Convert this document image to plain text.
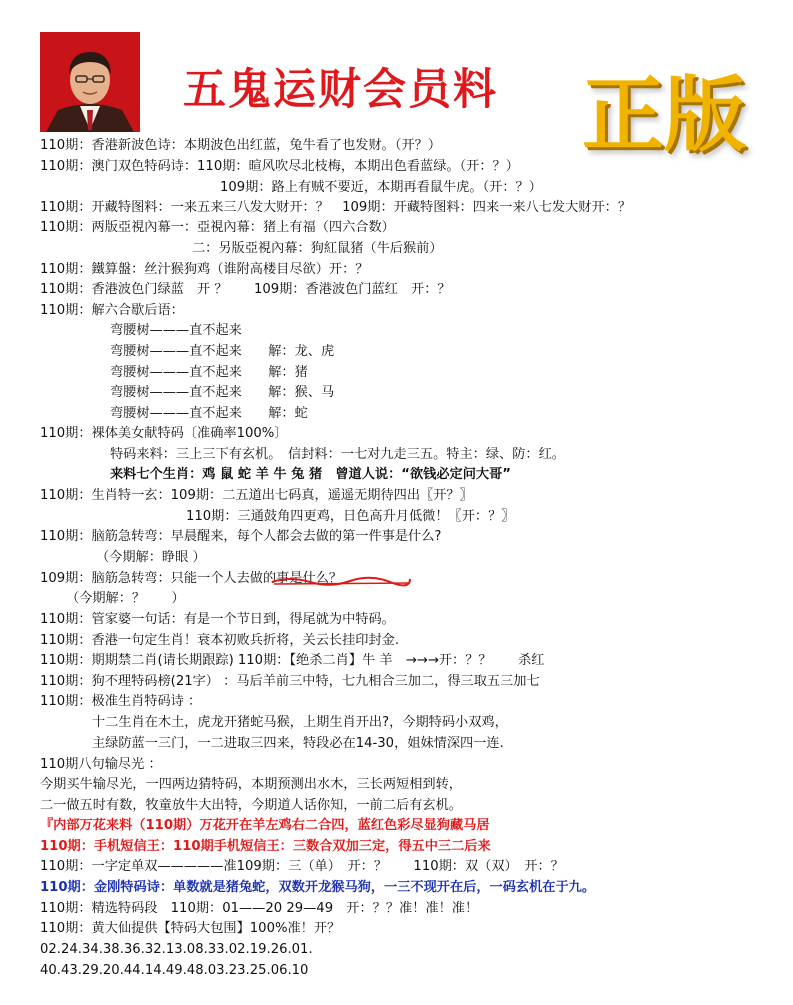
五鬼运财会员料 正版
110期：香港新波色诗：本期波色出红蓝，兔牛看了也发财。（开？）
110期：澳门双色特码诗：110期：暄风吹尽北枝梅，本期出色看蓝绿。（开：？）
109期：路上有贼不要近，本期再看鼠牛虎。（开：？）
110期：开藏特图料：一来五来三八发大财开：？　109期：开藏特图料：四来一来八七发大财开：？
110期：两版亞視內幕一：亞視內幕：猪上有福（四六合数）
二：另版亞視內幕：狗紅鼠猪（牛后猴前）
110期：鐵算盤：丝汁猴狗鸡（谁附高楼目尽欲）开：？
110期：香港波色门绿蓝　开 ？　　109期：香港波色门蓝红　开：？
110期：解六合歇后语：
弯腰树———直不起来
弯腰树———直不起来　　解：龙、虎
弯腰树———直不起来　　解：猪
弯腰树———直不起来　　解：猴、马
弯腰树———直不起来　　解：蛇
110期：裸体美女献特码〔准确率100%〕
特码来料：三上三下有玄机。　信封料：一七对九走三五。特主：绿、防：红。
来料七个生肖：鸡 鼠 蛇 羊 牛 兔 猪　曾道人说：“欲钱必定问大哥”
110期：生肖特一玄：109期：二五道出七码真，遥遥无期待四出〖开？〗
110期：三通鼓角四更鸡，日色高升月低微！〖开：？〗
110期：脑筋急转弯：早晨醒来，每个人都会去做的第一件事是什么?
（今期解：睁眼 ）
109期：脑筋急转弯：只能一个人去做的事是什么？
（今期解：？　　）
110期：管家婆一句话：有是一个节日到，得尾就为中特码。
110期：香港一句定生肖！衰本初败兵折将，关云长挂印封金.
110期：期期禁二肖(请长期跟踪) 110期：【绝杀二肖】牛 羊　→→→开：？？　　杀红
110期：狗不理特码榜(21字） ：马后羊前三中特，七九相合三加二，得三取五三加七
110期：极准生肖特码诗 ：
十二生肖在木土，虎龙开猪蛇马猴，上期生肖开出?，今期特码小双鸡，
主绿防蓝一三门，一二进取三四来，特段必在14-30，姐妹情深四一连.
110期八句输尽光 ：
今期买牛输尽光，一四两边猜特码，本期预测出水木，三长两短相到转，
二一做五时有数，牧童放牛大出特，今期道人话你知，一前二后有玄机。
『内部万花来料（110期）万花开在羊左鸡右二合四，蓝红色彩尽显狗藏马居
110期：手机短信王：110期手机短信王：三数合双加三定，得五中三二后来
110期：一字定单双—————准109期：三（单）　开：？　　110期：双（双）　开：？
110期：金刚特码诗：单数就是猪兔蛇，双数开龙猴马狗，一三不现开在后，一码玄机在于九。
110期：精选特码段　110期：01——20 29—49　开：？？准！准！准！
110期：黄大仙提供【特码大包围】100%准！开？
02.24.34.38.36.32.13.08.33.02.19.26.01.
40.43.29.20.44.14.49.48.03.23.25.06.10
